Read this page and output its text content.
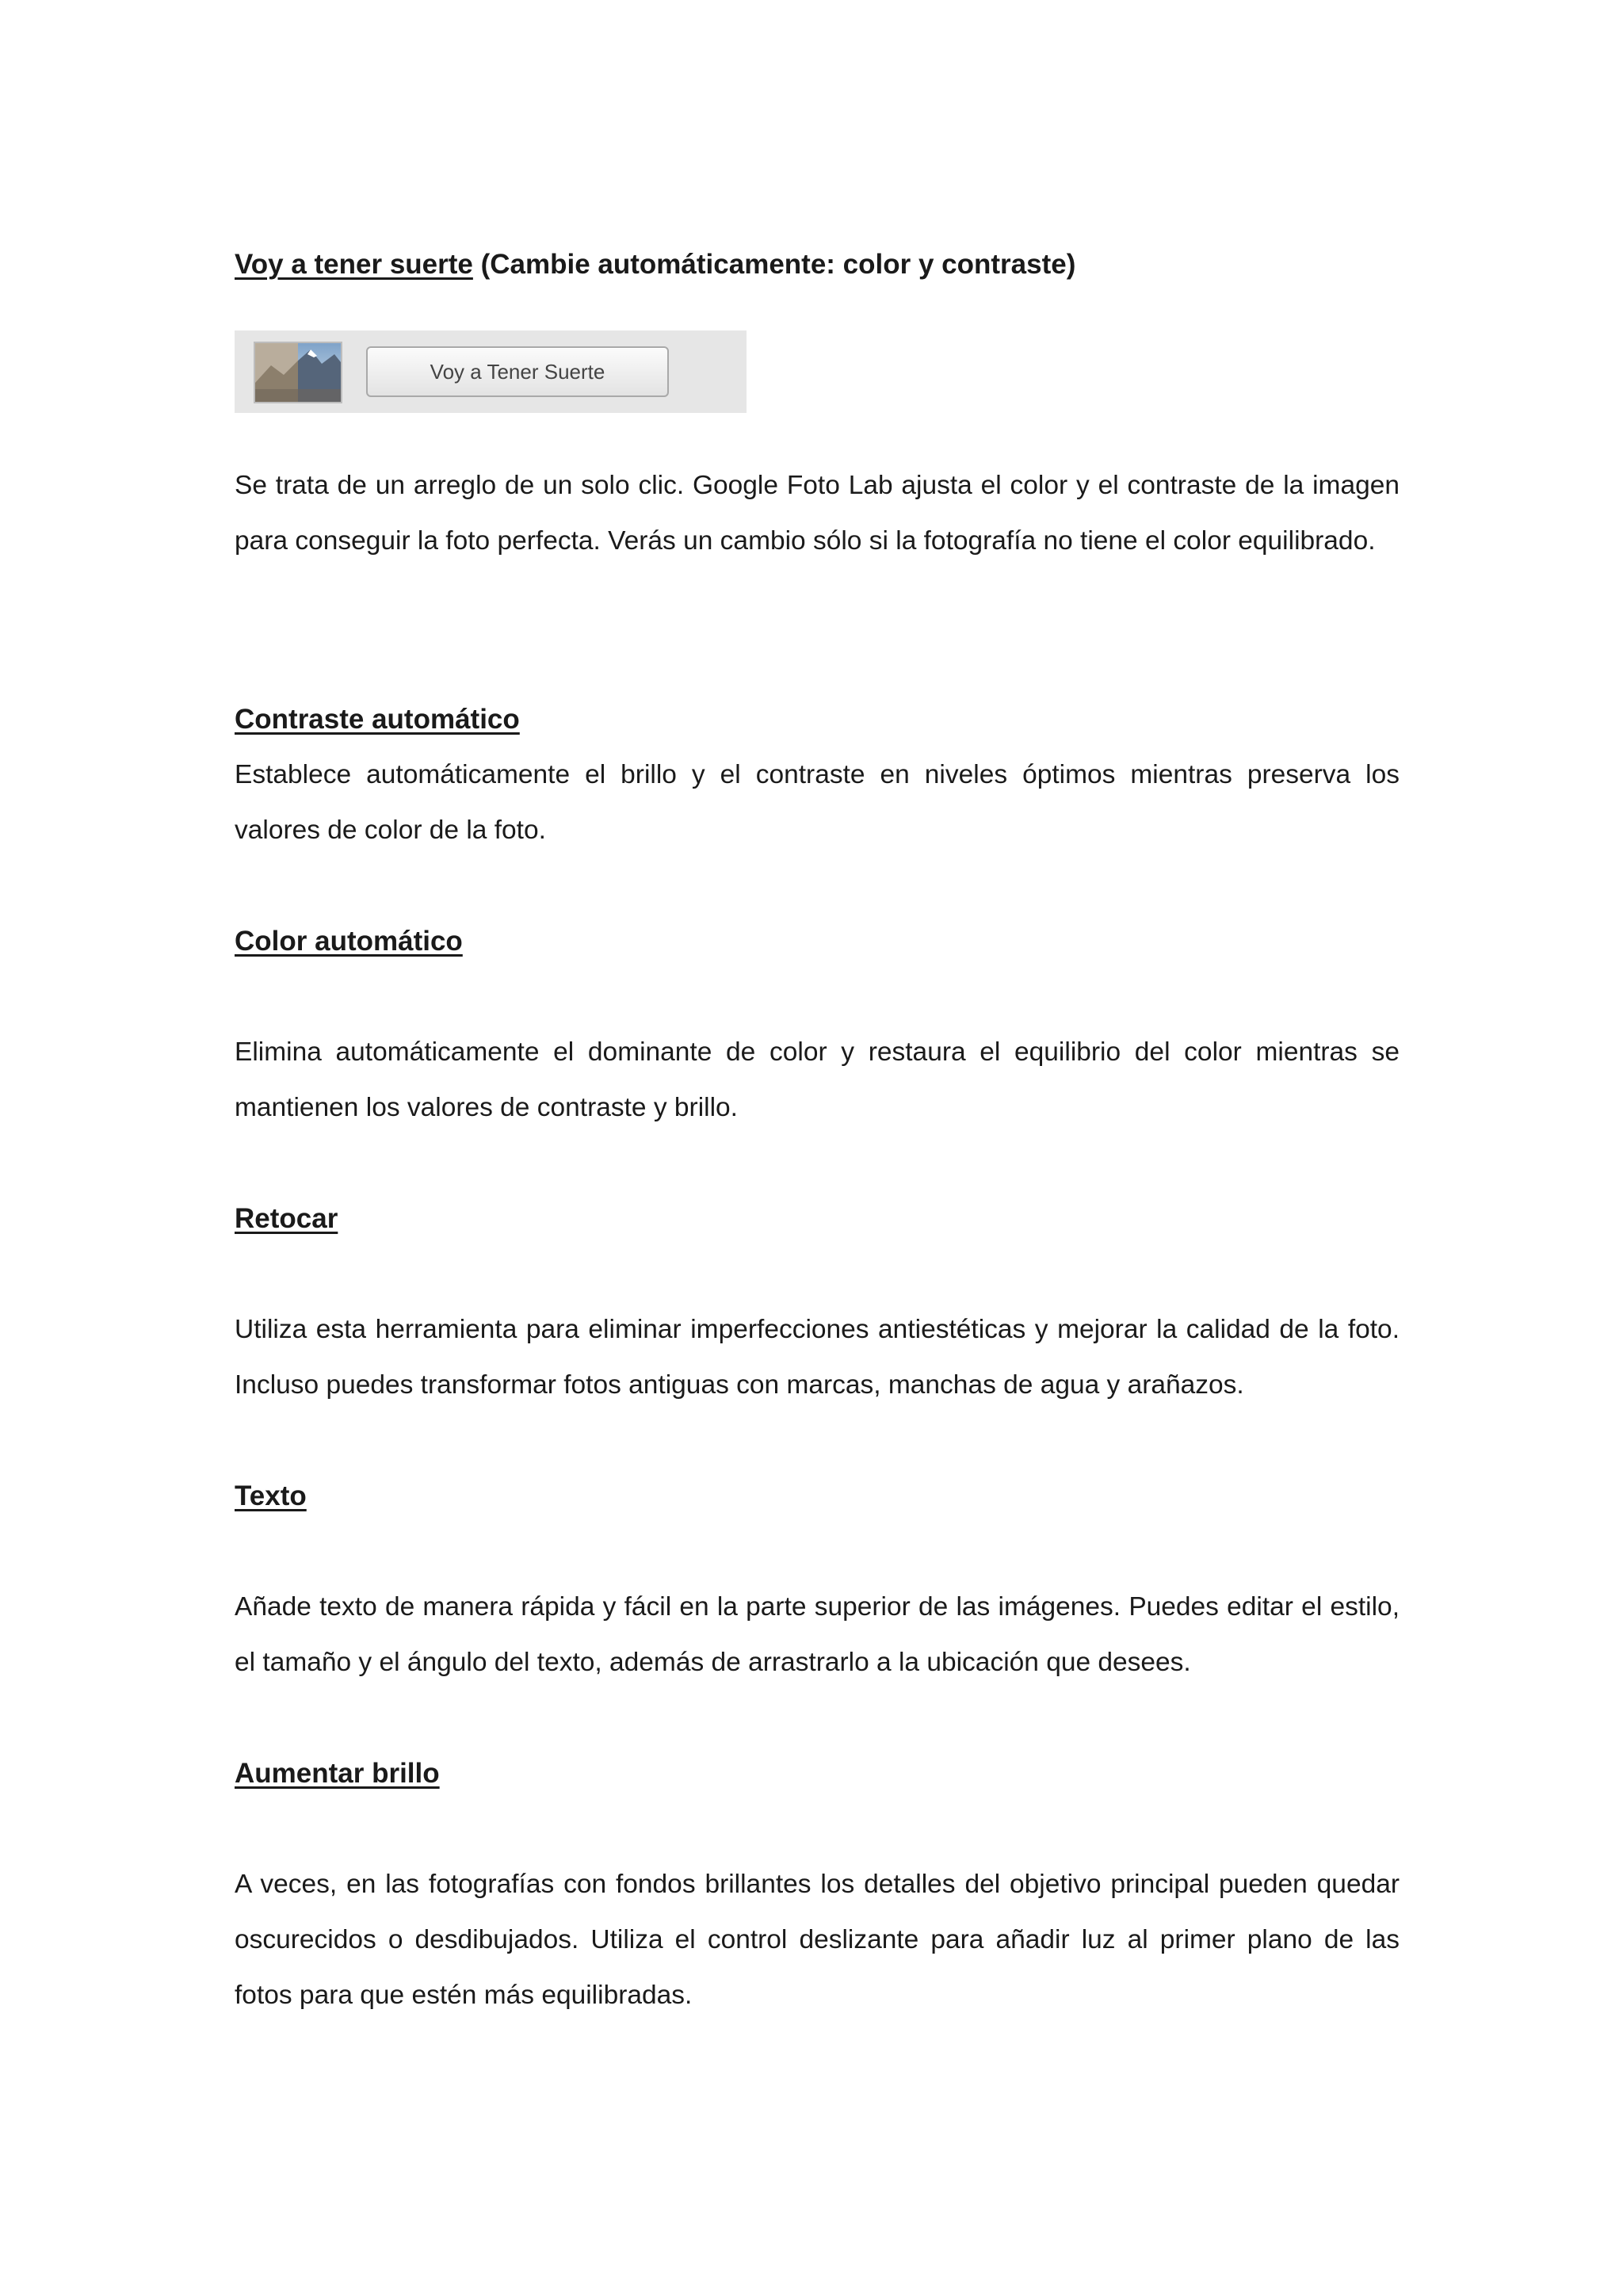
Voy a tener suerte (Cambie automáticamente: color y contraste)
Voy a Tener Suerte
Se trata de un arreglo de un solo clic. Google Foto Lab ajusta el color y el contraste de la imagen para conseguir la foto perfecta. Verás un cambio sólo si la fotografía no tiene el color equilibrado.
Contraste automático
Establece automáticamente el brillo y el contraste en niveles óptimos mientras preserva los valores de color de la foto.
Color automático
Elimina automáticamente el dominante de color y restaura el equilibrio del color mientras se mantienen los valores de contraste y brillo.
Retocar
Utiliza esta herramienta para eliminar imperfecciones antiestéticas y mejorar la calidad de la foto. Incluso puedes transformar fotos antiguas con marcas, manchas de agua y arañazos.
Texto
Añade texto de manera rápida y fácil en la parte superior de las imágenes. Puedes editar el estilo, el tamaño y el ángulo del texto, además de arrastrarlo a la ubicación que desees.
Aumentar brillo
A veces, en las fotografías con fondos brillantes los detalles del objetivo principal pueden quedar oscurecidos o desdibujados. Utiliza el control deslizante para añadir luz al primer plano de las fotos para que estén más equilibradas.
